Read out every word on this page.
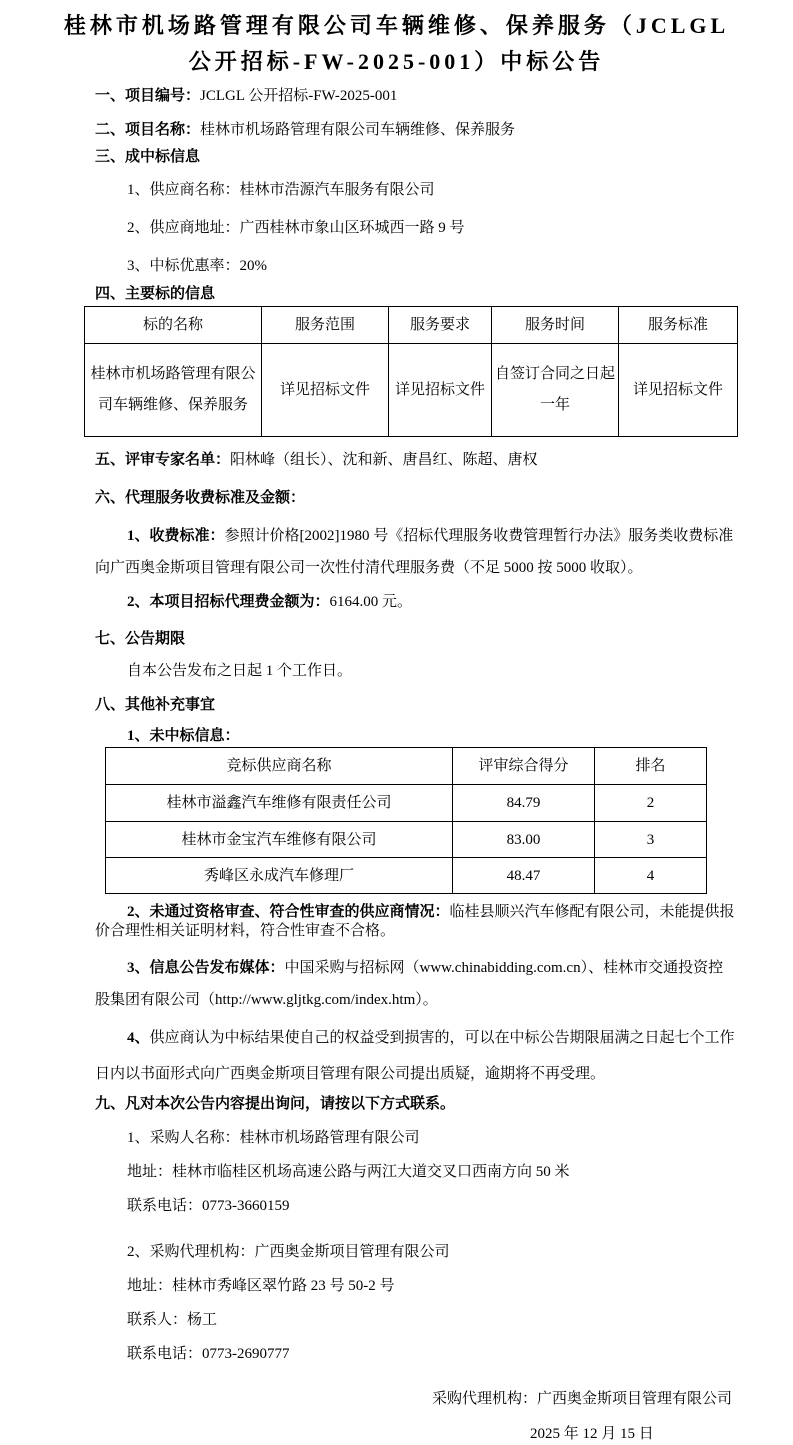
桂林市机场路管理有限公司车辆维修、保养服务（JCLGL
公开招标-FW-2025-001）中标公告
一、项目编号：JCLGL 公开招标-FW-2025-001
二、项目名称：桂林市机场路管理有限公司车辆维修、保养服务
三、成中标信息
1、供应商名称：桂林市浩源汽车服务有限公司
2、供应商地址：广西桂林市象山区环城西一路 9 号
3、中标优惠率：20%
四、主要标的信息
标的名称	服务范围	服务要求	服务时间	服务标准
桂林市机场路管理有限公司车辆维修、保养服务	详见招标文件	详见招标文件	自签订合同之日起一年	详见招标文件
五、评审专家名单：阳林峰（组长）、沈和新、唐昌红、陈超、唐权
六、代理服务收费标准及金额：
1、收费标准：参照计价格[2002]1980 号《招标代理服务收费管理暂行办法》服务类收费标准向广西奥金斯项目管理有限公司一次性付清代理服务费（不足 5000 按 5000 收取）。
2、本项目招标代理费金额为：6164.00 元。
七、公告期限
自本公告发布之日起 1 个工作日。
八、其他补充事宜
1、未中标信息：
竞标供应商名称	评审综合得分	排名
桂林市溢鑫汽车维修有限责任公司	84.79	2
桂林市金宝汽车维修有限公司	83.00	3
秀峰区永成汽车修理厂	48.47	4
2、未通过资格审查、符合性审查的供应商情况：临桂县顺兴汽车修配有限公司，未能提供报价合理性相关证明材料，符合性审查不合格。
3、信息公告发布媒体：中国采购与招标网（www.chinabidding.com.cn）、桂林市交通投资控股集团有限公司（http://www.gljtkg.com/index.htm）。
4、供应商认为中标结果使自己的权益受到损害的，可以在中标公告期限届满之日起七个工作日内以书面形式向广西奥金斯项目管理有限公司提出质疑，逾期将不再受理。
九、凡对本次公告内容提出询问，请按以下方式联系。
1、采购人名称：桂林市机场路管理有限公司
地址：桂林市临桂区机场高速公路与两江大道交叉口西南方向 50 米
联系电话：0773-3660159
2、采购代理机构：广西奥金斯项目管理有限公司
地址：桂林市秀峰区翠竹路 23 号 50-2 号
联系人：杨工
联系电话：0773-2690777
采购代理机构：广西奥金斯项目管理有限公司
2025 年 12 月 15 日
